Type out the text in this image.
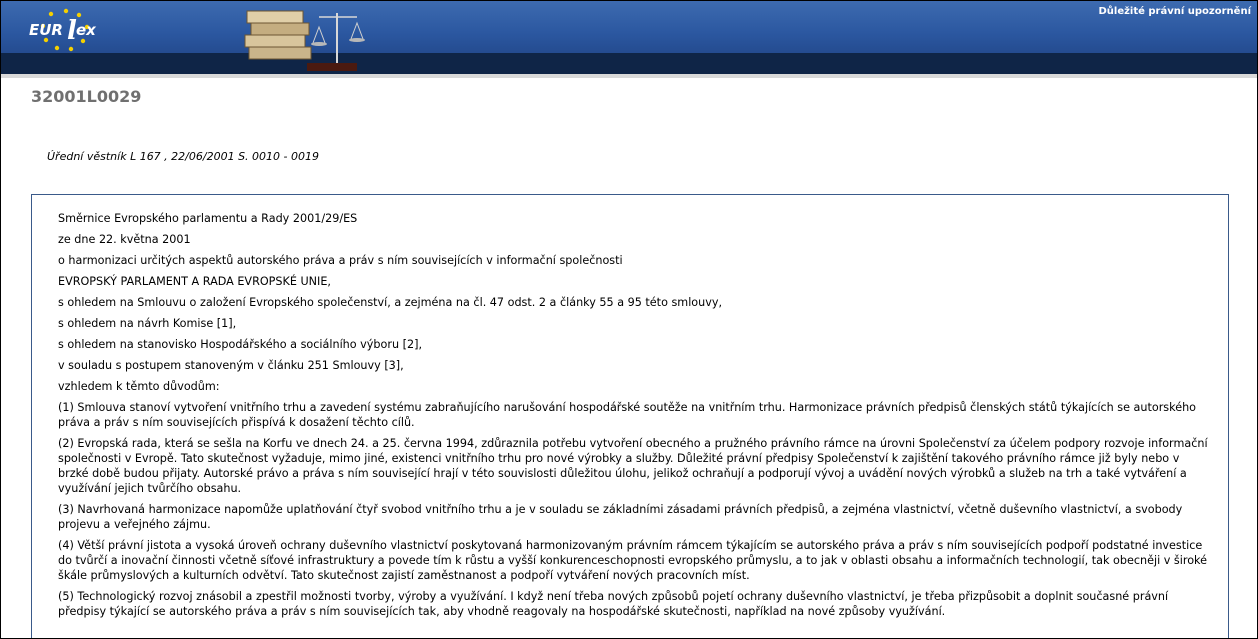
EUR l ex
Důležité právní upozornění
32001L0029
Úřední věstník L 167 , 22/06/2001 S. 0010 - 0019

Směrnice Evropského parlamentu a Rady 2001/29/ES

ze dne 22. května 2001

o harmonizaci určitých aspektů autorského práva a práv s ním souvisejících v informační společnosti

EVROPSKÝ PARLAMENT A RADA EVROPSKÉ UNIE,

s ohledem na Smlouvu o založení Evropského společenství, a zejména na čl. 47 odst. 2 a články 55 a 95 této smlouvy,

s ohledem na návrh Komise [1],

s ohledem na stanovisko Hospodářského a sociálního výboru [2],

v souladu s postupem stanoveným v článku 251 Smlouvy [3],

vzhledem k těmto důvodům:

(1) Smlouva stanoví vytvoření vnitřního trhu a zavedení systému zabraňujícího narušování hospodářské soutěže na vnitřním trhu. Harmonizace právních předpisů členských států týkajících se autorského práva a práv s ním souvisejících přispívá k dosažení těchto cílů.

(2) Evropská rada, která se sešla na Korfu ve dnech 24. a 25. června 1994, zdůraznila potřebu vytvoření obecného a pružného právního rámce na úrovni Společenství za účelem podpory rozvoje informační společnosti v Evropě. Tato skutečnost vyžaduje, mimo jiné, existenci vnitřního trhu pro nové výrobky a služby. Důležité právní předpisy Společenství k zajištění takového právního rámce již byly nebo v brzké době budou přijaty. Autorské právo a práva s ním související hrají v této souvislosti důležitou úlohu, jelikož ochraňují a podporují vývoj a uvádění nových výrobků a služeb na trh a také vytváření a využívání jejich tvůrčího obsahu.

(3) Navrhovaná harmonizace napomůže uplatňování čtyř svobod vnitřního trhu a je v souladu se základními zásadami právních předpisů, a zejména vlastnictví, včetně duševního vlastnictví, a svobody projevu a veřejného zájmu.

(4) Větší právní jistota a vysoká úroveň ochrany duševního vlastnictví poskytovaná harmonizovaným právním rámcem týkajícím se autorského práva a práv s ním souvisejících podpoří podstatné investice do tvůrčí a inovační činnosti včetně síťové infrastruktury a povede tím k růstu a vyšší konkurenceschopnosti evropského průmyslu, a to jak v oblasti obsahu a informačních technologií, tak obecněji v široké škále průmyslových a kulturních odvětví. Tato skutečnost zajistí zaměstnanost a podpoří vytváření nových pracovních míst.

(5) Technologický rozvoj znásobil a zpestřil možnosti tvorby, výroby a využívání. I když není třeba nových způsobů pojetí ochrany duševního vlastnictví, je třeba přizpůsobit a doplnit současné právní předpisy týkající se autorského práva a práv s ním souvisejících tak, aby vhodně reagovaly na hospodářské skutečnosti, například na nové způsoby využívání.
